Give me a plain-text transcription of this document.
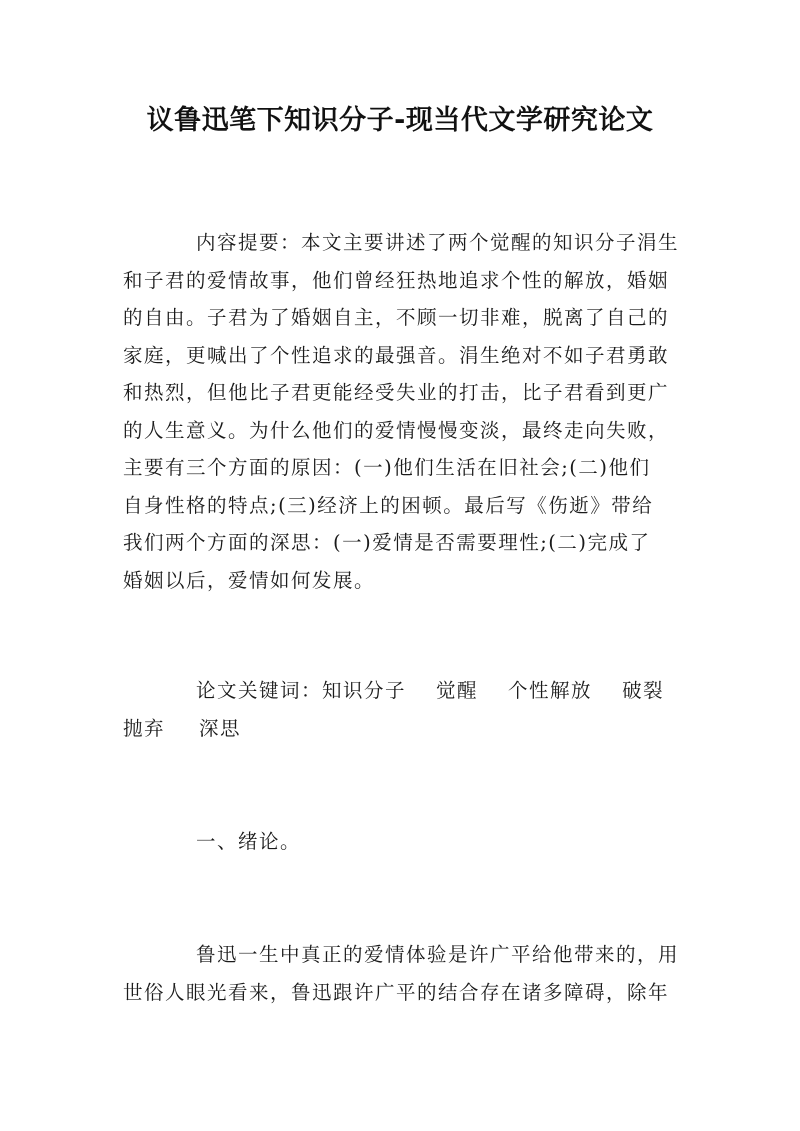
议鲁迅笔下知识分子-现当代文学研究论文
内容提要：本文主要讲述了两个觉醒的知识分子涓生
和子君的爱情故事，他们曾经狂热地追求个性的解放，婚姻
的自由。子君为了婚姻自主，不顾一切非难，脱离了自己的
家庭，更喊出了个性追求的最强音。涓生绝对不如子君勇敢
和热烈，但他比子君更能经受失业的打击，比子君看到更广
的人生意义。为什么他们的爱情慢慢变淡，最终走向失败，
主要有三个方面的原因：(一)他们生活在旧社会;(二)他们
自身性格的特点;(三)经济上的困顿。最后写《伤逝》带给
我们两个方面的深思：(一)爱情是否需要理性;(二)完成了
婚姻以后，爱情如何发展。
论文关键词：知识分子 觉醒 个性解放 破裂
抛弃 深思
一、绪论。
鲁迅一生中真正的爱情体验是许广平给他带来的，用
世俗人眼光看来，鲁迅跟许广平的结合存在诸多障碍，除年
